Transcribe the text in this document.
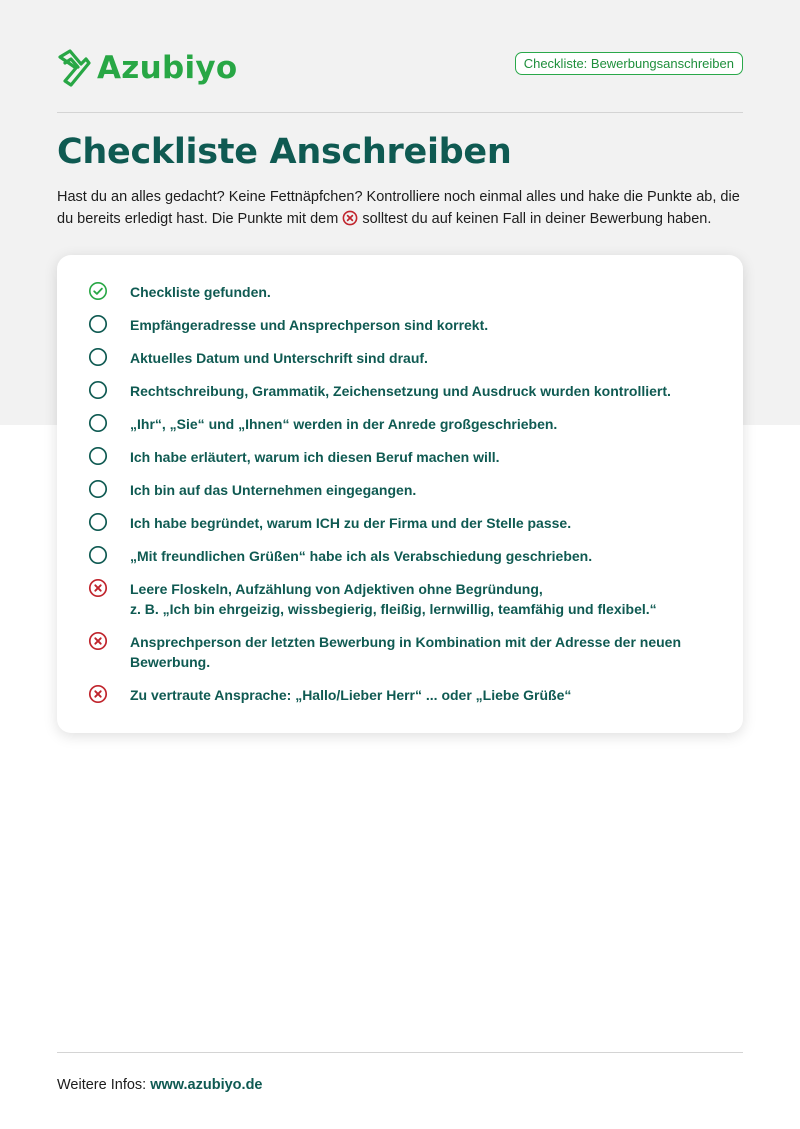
Azubiyo	Checkliste: Bewerbungsanschreiben
Checkliste Anschreiben

Hast du an alles gedacht? Keine Fettnäpfchen? Kontrolliere noch einmal alles und hake die Punkte ab, die du bereits erledigt hast. Die Punkte mit dem solltest du auf keinen Fall in deiner Bewerbung haben.

Checkliste gefunden.
Empfängeradresse und Ansprechperson sind korrekt.
Aktuelles Datum und Unterschrift sind drauf.
Rechtschreibung, Grammatik, Zeichensetzung und Ausdruck wurden kontrolliert.
„Ihr“, „Sie“ und „Ihnen“ werden in der Anrede großgeschrieben.
Ich habe erläutert, warum ich diesen Beruf machen will.
Ich bin auf das Unternehmen eingegangen.
Ich habe begründet, warum ICH zu der Firma und der Stelle passe.
„Mit freundlichen Grüßen“ habe ich als Verabschiedung geschrieben.
Leere Floskeln, Aufzählung von Adjektiven ohne Begründung,
z. B. „Ich bin ehrgeizig, wissbegierig, fleißig, lernwillig, teamfähig und flexibel.“
Ansprechperson der letzten Bewerbung in Kombination mit der Adresse der neuen
Bewerbung.
Zu vertraute Ansprache: „Hallo/Lieber Herr“ ... oder „Liebe Grüße“
Weitere Infos: www.azubiyo.de
